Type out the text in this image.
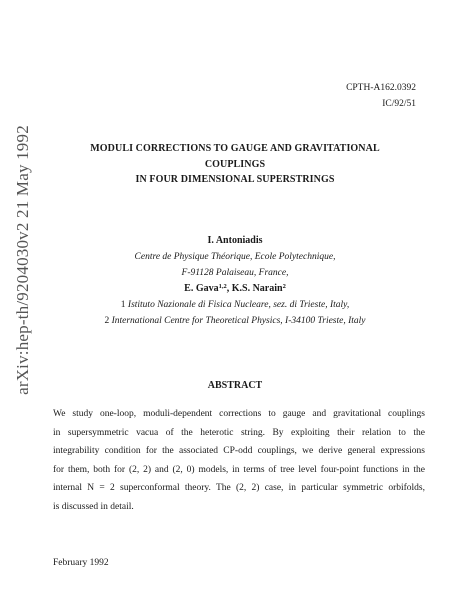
arXiv:hep-th/9204030v2 21 May 1992
CPTH-A162.0392
IC/92/51
MODULI CORRECTIONS TO GAUGE AND GRAVITATIONAL
COUPLINGS
IN FOUR DIMENSIONAL SUPERSTRINGS
I. Antoniadis
Centre de Physique Théorique, Ecole Polytechnique,
F-91128 Palaiseau, France,
E. Gava$^{1,2}$, K.S. Narain$^2$
1 Istituto Nazionale di Fisica Nucleare, sez. di Trieste, Italy,
2 International Centre for Theoretical Physics, I-34100 Trieste, Italy
ABSTRACT
We study one-loop, moduli-dependent corrections to gauge and gravitational couplings
in supersymmetric vacua of the heterotic string. By exploiting their relation to the
integrability condition for the associated CP-odd couplings, we derive general expressions
for them, both for (2, 2) and (2, 0) models, in terms of tree level four-point functions in the
internal N = 2 superconformal theory. The (2, 2) case, in particular symmetric orbifolds,
is discussed in detail.
February 1992
